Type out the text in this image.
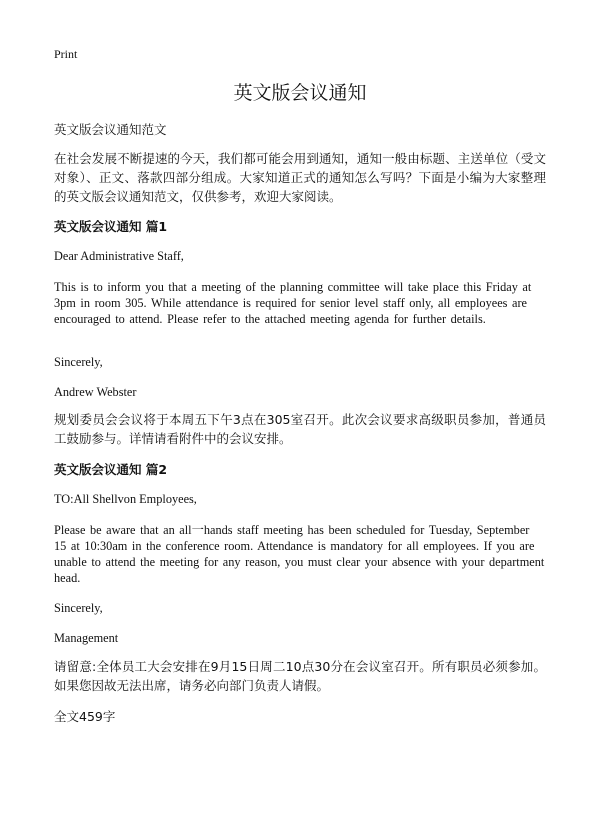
Print
英文版会议通知
英文版会议通知范文
在社会发展不断提速的今天，我们都可能会用到通知，通知一般由标题、主送单位（受文对象）、正文、落款四部分组成。大家知道正式的通知怎么写吗？下面是小编为大家整理的英文版会议通知范文，仅供参考，欢迎大家阅读。
英文版会议通知 篇1
Dear Administrative Staff,
This is to inform you that a meeting of the planning committee will take place this Friday at 3pm in room 305. While attendance is required for senior level staff only, all employees are encouraged to attend. Please refer to the attached meeting agenda for further details.
Sincerely,
Andrew Webster
规划委员会会议将于本周五下午3点在305室召开。此次会议要求高级职员参加，普通员工鼓励参与。详情请看附件中的会议安排。
英文版会议通知 篇2
TO:All Shellvon Employees,
Please be aware that an all一hands staff meeting has been scheduled for Tuesday, September 15 at 10:30am in the conference room. Attendance is mandatory for all employees. If you are unable to attend the meeting for any reason, you must clear your absence with your department head.
Sincerely,
Management
请留意:全体员工大会安排在9月15日周二10点30分在会议室召开。所有职员必须参加。如果您因故无法出席，请务必向部门负责人请假。
全文459字
